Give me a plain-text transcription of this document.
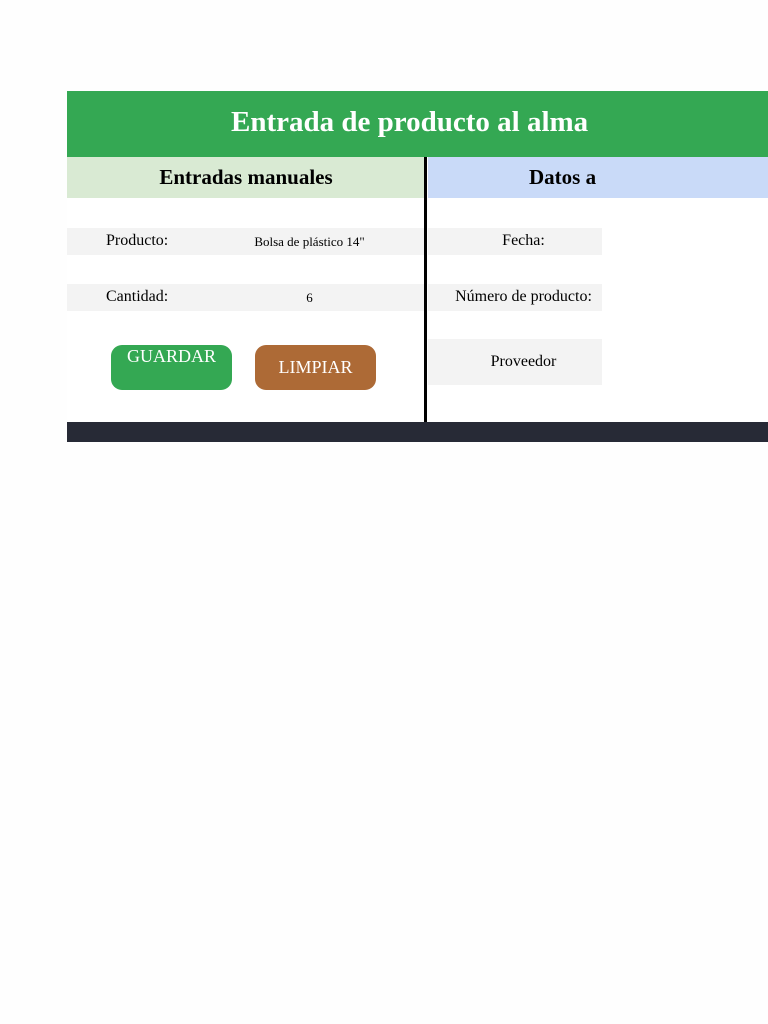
Entrada de producto al alma
Entradas manuales	Datos a
Producto:	Bolsa de plástico 14"
Cantidad:	6
GUARDAR
LIMPIAR
Fecha:
Número de producto:
Proveedor
